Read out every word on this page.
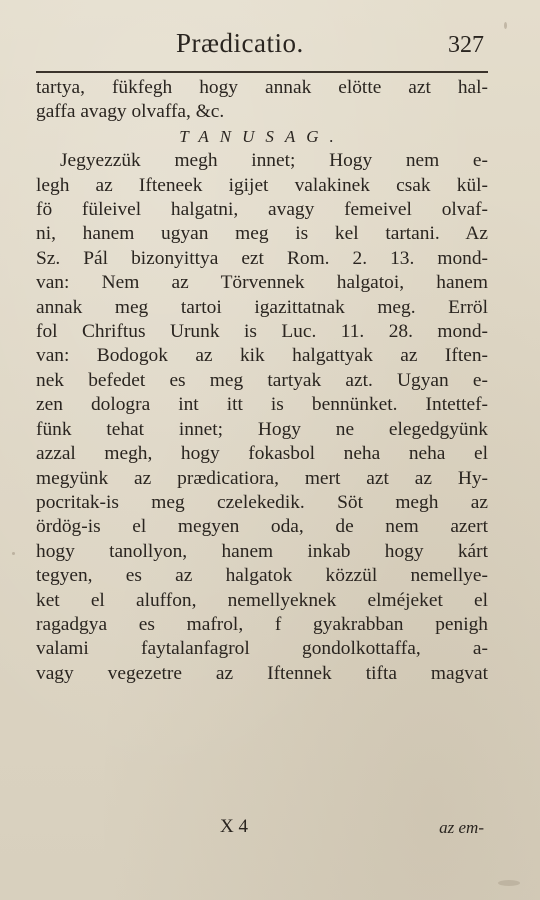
Prædicatio.	327
tartya, fükfegh hogy annak elötte azt hal-
gaffa avagy olvaffa, &c.
TANUSAG.
Jegyezzük megh innet; Hogy nem e-
legh az Ifteneek igijet valakinek csak kül-
fö füleivel halgatni, avagy femeivel olvaf-
ni, hanem ugyan meg is kel tartani. Az
Sz. Pál bizonyittya ezt Rom. 2. 13. mond-
van: Nem az Törvennek halgatoi, hanem
annak meg tartoi igazittatnak meg. Erröl
fol Chriftus Urunk is Luc. 11. 28. mond-
van: Bodogok az kik halgattyak az Iften-
nek befedet es meg tartyak azt. Ugyan e-
zen dologra int itt is bennünket. Intettef-
fünk tehat innet; Hogy ne elegedgyünk
azzal megh, hogy fokasbol neha neha el
megyünk az prædicatiora, mert azt az Hy-
pocritak-is meg czelekedik. Söt megh az
ördög-is el megyen oda, de nem azert
hogy tanollyon, hanem inkab hogy kárt
tegyen, es az halgatok közzül nemellye-
ket el aluffon, nemellyeknek elméjeket el
ragadgya es mafrol, f gyakrabban penigh
valami faytalanfagrol gondolkottaffa, a-
vagy vegezetre az Iftennek tifta magvat
X 4	az em-
